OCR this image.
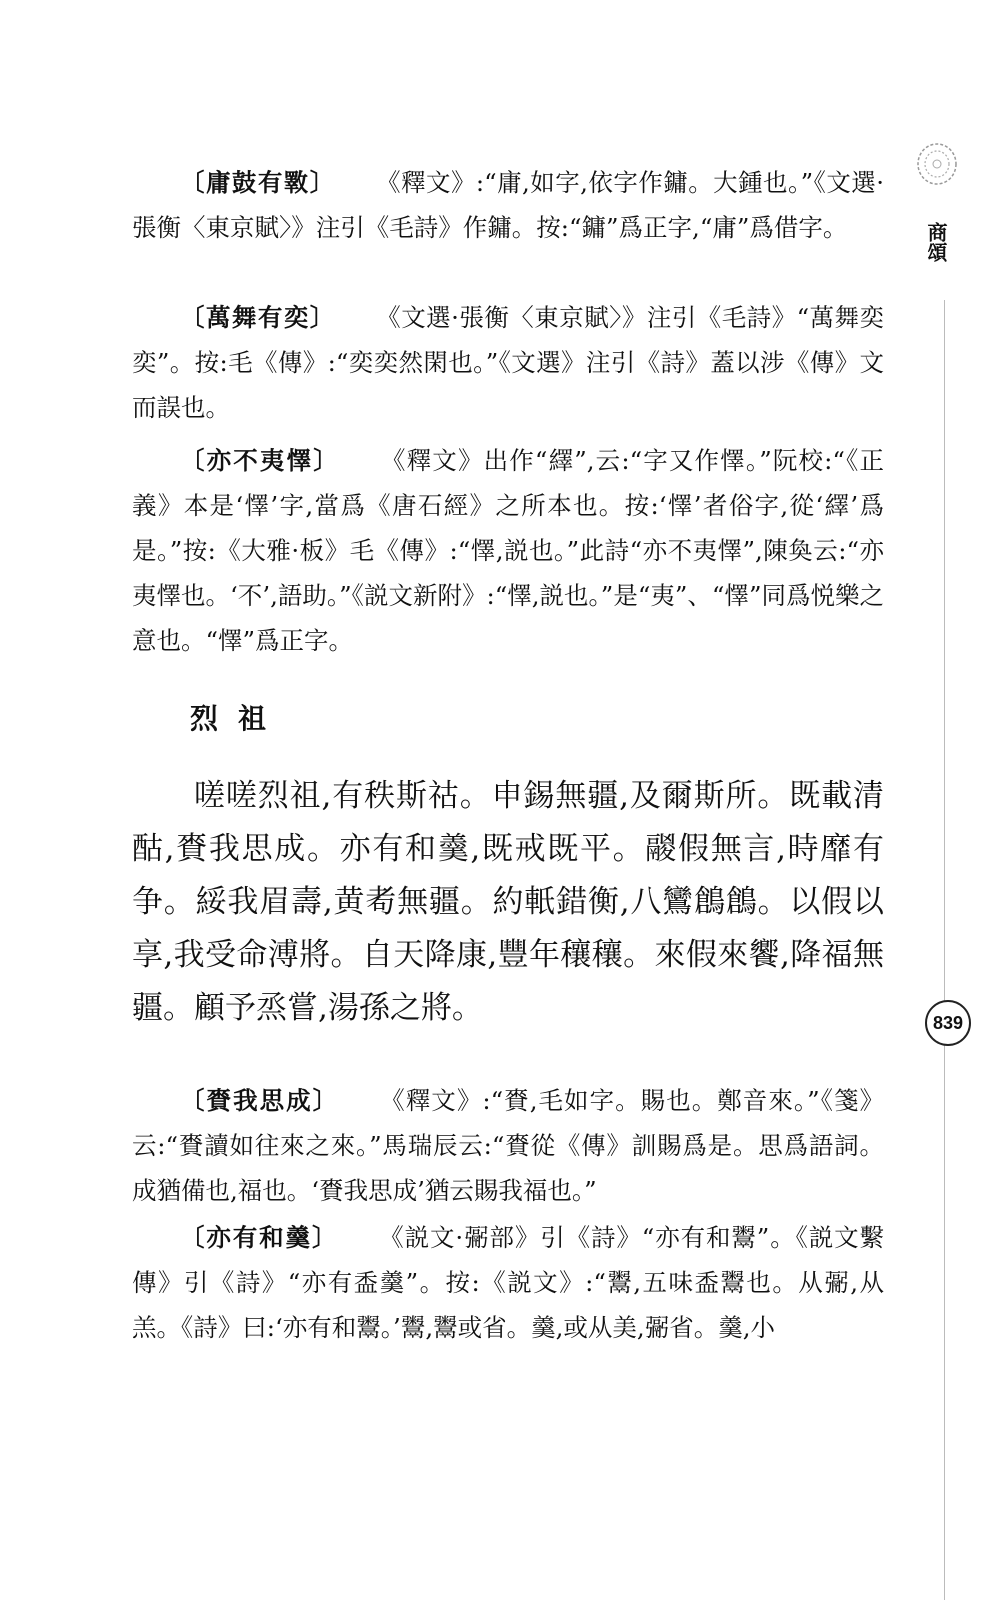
商頌

〔庸鼓有斁〕 《釋文》:“庸,如字,依字作鏞。大鍾也。”《文選·張衡〈東京賦〉》注引《毛詩》作鏞。按:“鏞”爲正字,“庸”爲借字。

〔萬舞有奕〕 《文選·張衡〈東京賦〉》注引《毛詩》“萬舞奕奕”。按:毛《傳》:“奕奕然閑也。”《文選》注引《詩》蓋以涉《傳》文而誤也。

〔亦不夷懌〕 《釋文》出作“繹”,云:“字又作懌。”阮校:“《正義》本是‘懌’字,當爲《唐石經》之所本也。按:‘懌’者俗字,從‘繹’爲是。”按:《大雅·板》毛《傳》:“懌,説也。”此詩“亦不夷懌”,陳奐云:“亦夷懌也。‘不’,語助。”《説文新附》:“懌,説也。”是“夷”、“懌”同爲悦樂之意也。“懌”爲正字。

烈祖

嗟嗟烈祖,有秩斯祜。申錫無疆,及爾斯所。既載清酤,賚我思成。亦有和羹,既戒既平。鬷假無言,時靡有争。綏我眉壽,黄耇無疆。約軝錯衡,八鸞鶬鶬。以假以享,我受命溥將。自天降康,豐年穰穰。來假來饗,降福無疆。顧予烝嘗,湯孫之將。

〔賚我思成〕 《釋文》:“賚,毛如字。賜也。鄭音來。”《箋》云:“賚讀如往來之來。”馬瑞辰云:“賚從《傳》訓賜爲是。思爲語詞。成猶備也,福也。‘賚我思成’猶云賜我福也。”

〔亦有和羹〕 《説文·䰜部》引《詩》“亦有和鬻”。《説文繫傳》引《詩》“亦有盉羹”。按:《説文》:“鬻,五味盉鬻也。从䰜,从羔。《詩》曰:‘亦有和鬻。’鬻,鬻或省。羹,或从美,䰜省。羹,小

839
